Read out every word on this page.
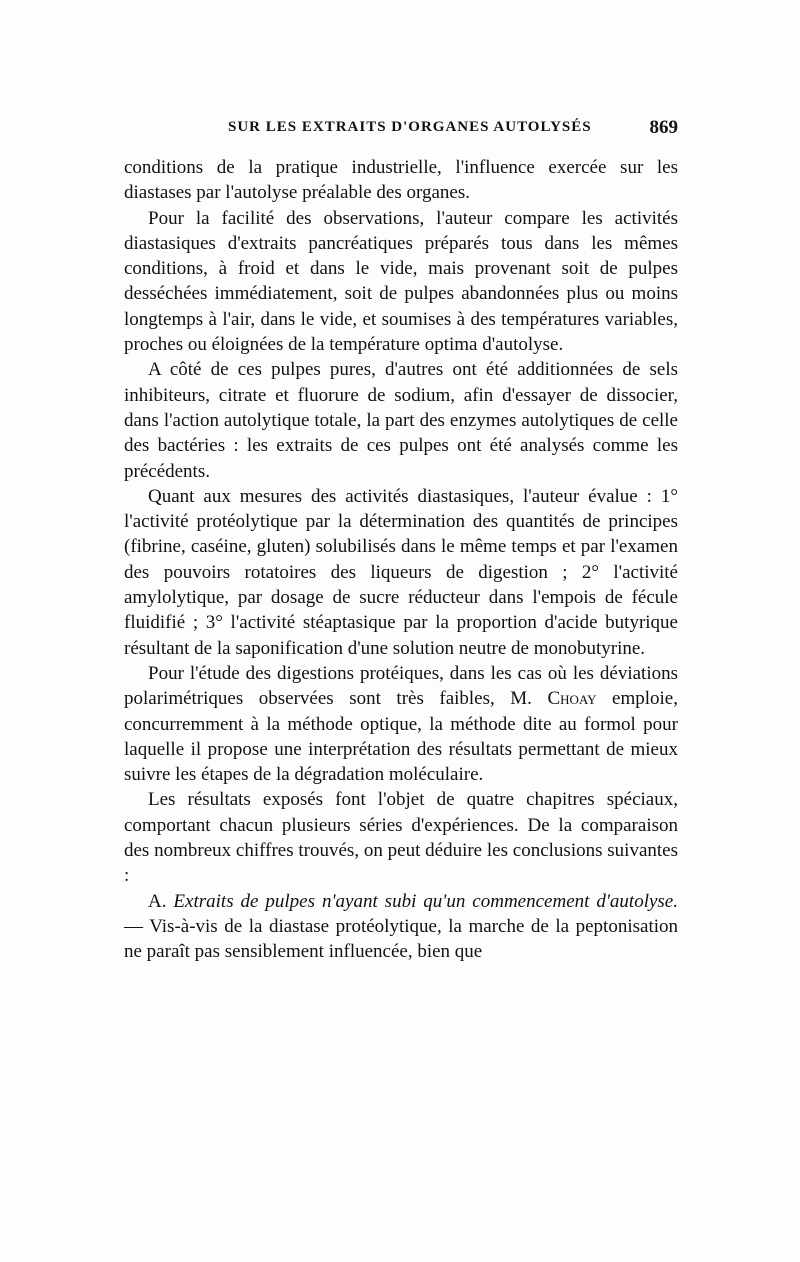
SUR LES EXTRAITS D'ORGANES AUTOLYSÉS	869

conditions de la pratique industrielle, l'influence exercée sur les diastases par l'autolyse préalable des organes.

Pour la facilité des observations, l'auteur compare les activités diastasiques d'extraits pancréatiques préparés tous dans les mêmes conditions, à froid et dans le vide, mais provenant soit de pulpes desséchées immédiatement, soit de pulpes abandonnées plus ou moins longtemps à l'air, dans le vide, et soumises à des températures variables, proches ou éloignées de la température optima d'autolyse.

A côté de ces pulpes pures, d'autres ont été additionnées de sels inhibiteurs, citrate et fluorure de sodium, afin d'essayer de dissocier, dans l'action autolytique totale, la part des enzymes autolytiques de celle des bactéries : les extraits de ces pulpes ont été analysés comme les précédents.

Quant aux mesures des activités diastasiques, l'auteur évalue : 1° l'activité protéolytique par la détermination des quantités de principes (fibrine, caséine, gluten) solubilisés dans le même temps et par l'examen des pouvoirs rotatoires des liqueurs de digestion ; 2° l'activité amylolytique, par dosage de sucre réducteur dans l'empois de fécule fluidifié ; 3° l'activité stéaptasique par la proportion d'acide butyrique résultant de la saponification d'une solution neutre de monobutyrine.

Pour l'étude des digestions protéiques, dans les cas où les déviations polarimétriques observées sont très faibles, M. Choay emploie, concurremment à la méthode optique, la méthode dite au formol pour laquelle il propose une interprétation des résultats permettant de mieux suivre les étapes de la dégradation moléculaire.

Les résultats exposés font l'objet de quatre chapitres spéciaux, comportant chacun plusieurs séries d'expériences. De la comparaison des nombreux chiffres trouvés, on peut déduire les conclusions suivantes :

A. Extraits de pulpes n'ayant subi qu'un commencement d'autolyse. — Vis-à-vis de la diastase protéolytique, la marche de la peptonisation ne paraît pas sensiblement influencée, bien que
